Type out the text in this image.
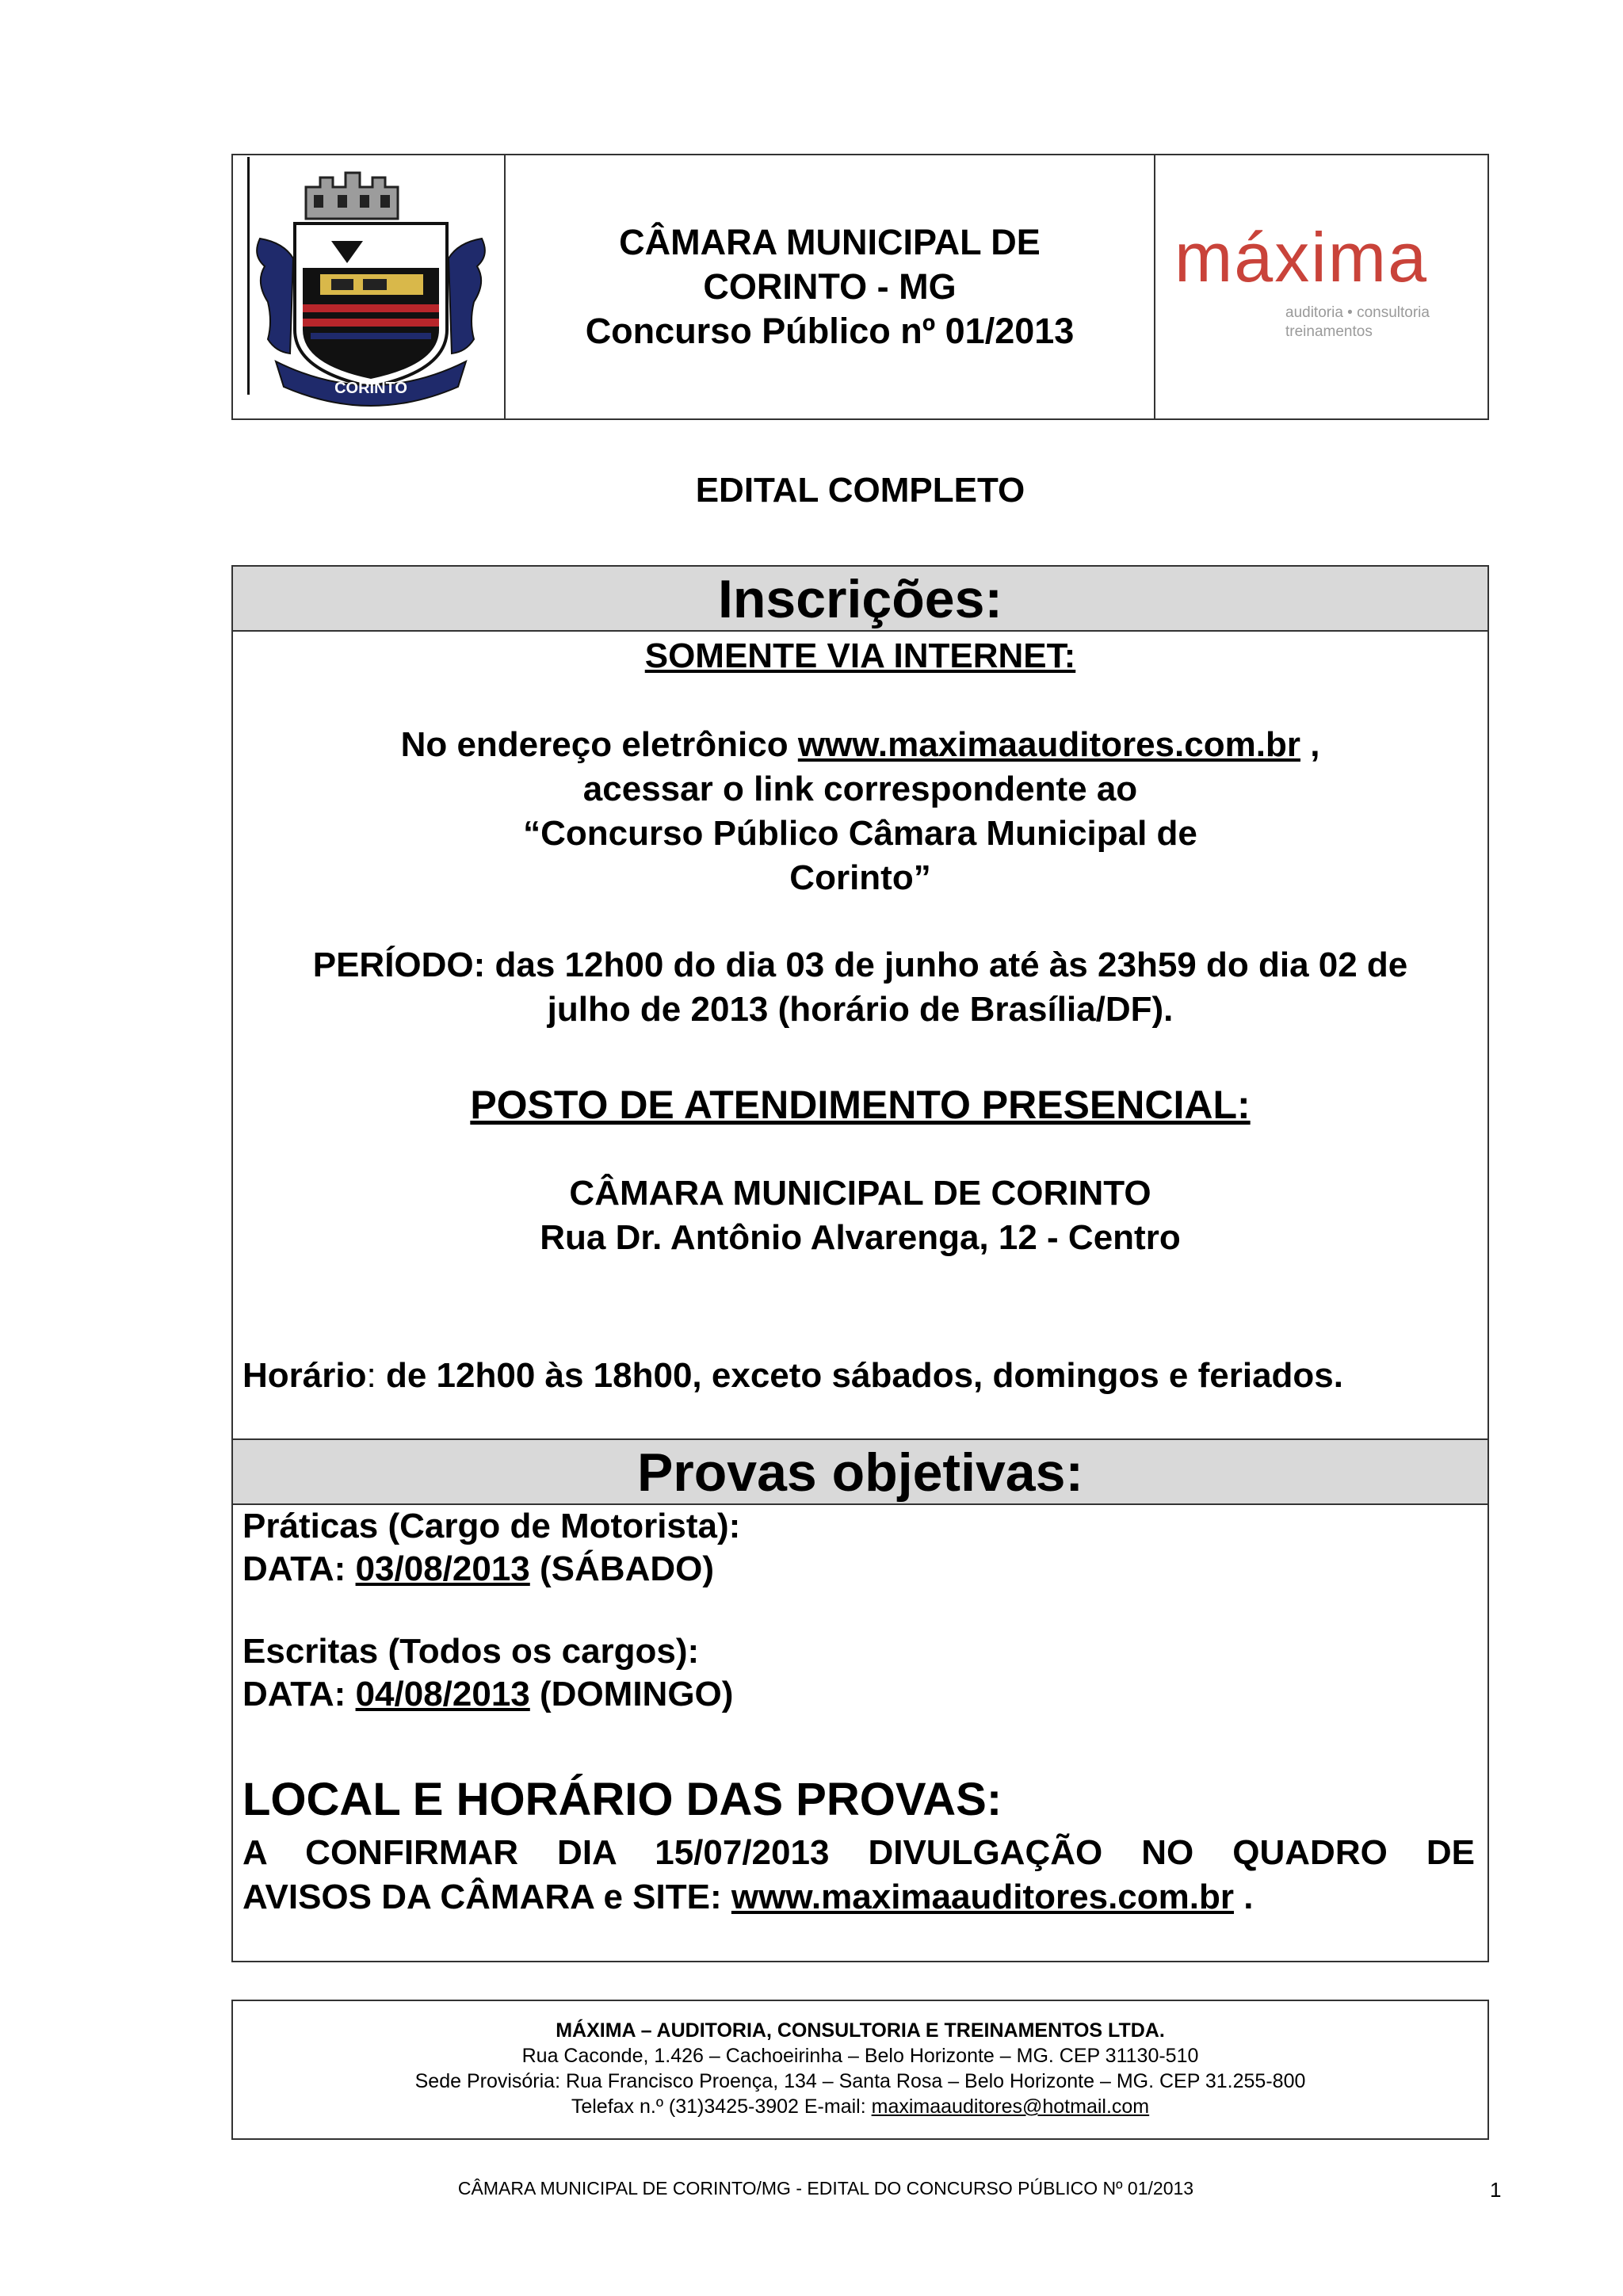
CORINTO
CÂMARA MUNICIPAL DE
CORINTO - MG
Concurso Público nº 01/2013
máxima
auditoria • consultoria
treinamentos
EDITAL COMPLETO
Inscrições:
SOMENTE VIA INTERNET:
No endereço eletrônico www.maximaauditores.com.br ,
acessar o link correspondente ao
“Concurso Público Câmara Municipal de
Corinto”
PERÍODO: das 12h00 do dia 03 de junho até às 23h59 do dia 02 de
julho de 2013 (horário de Brasília/DF).
POSTO DE ATENDIMENTO PRESENCIAL:
CÂMARA MUNICIPAL DE CORINTO
Rua Dr. Antônio Alvarenga, 12 - Centro
Horário: de 12h00 às 18h00, exceto sábados, domingos e feriados.
Provas objetivas:
Práticas (Cargo de Motorista):
DATA: 03/08/2013 (SÁBADO)
Escritas (Todos os cargos):
DATA: 04/08/2013 (DOMINGO)
LOCAL E HORÁRIO DAS PROVAS:
A CONFIRMAR DIA 15/07/2013 DIVULGAÇÃO NO QUADRO DE
AVISOS DA CÂMARA e SITE: www.maximaauditores.com.br .
MÁXIMA – AUDITORIA, CONSULTORIA E TREINAMENTOS LTDA.
Rua Caconde, 1.426 – Cachoeirinha – Belo Horizonte – MG. CEP 31130-510
Sede Provisória: Rua Francisco Proença, 134 – Santa Rosa – Belo Horizonte – MG. CEP 31.255-800
Telefax n.º (31)3425-3902 E-mail: maximaauditores@hotmail.com
CÂMARA MUNICIPAL DE CORINTO/MG - EDITAL DO CONCURSO PÚBLICO Nº 01/2013	1
